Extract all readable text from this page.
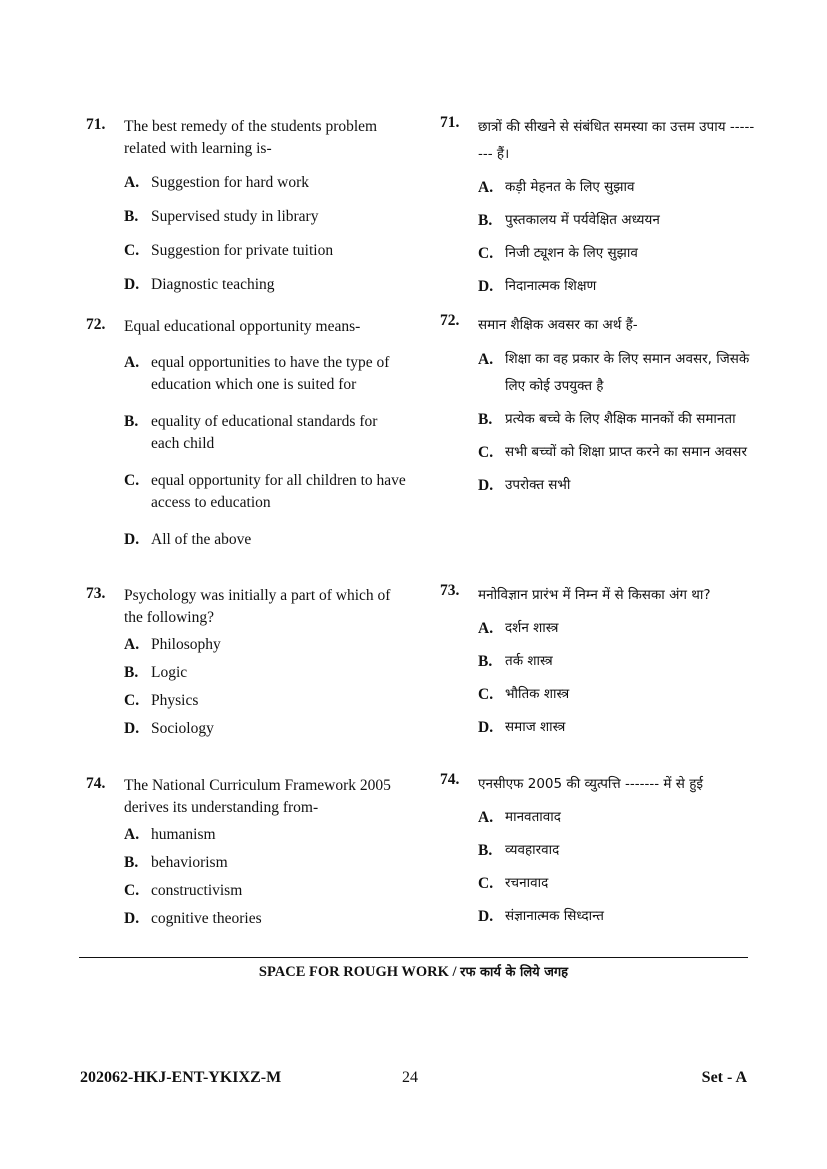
71. The best remedy of the students problem related with learning is-
A. Suggestion for hard work
B. Supervised study in library
C. Suggestion for private tuition
D. Diagnostic teaching
72. Equal educational opportunity means-
A. equal opportunities to have the type of education which one is suited for
B. equality of educational standards for each child
C. equal opportunity for all children to have access to education
D. All of the above
73. Psychology was initially a part of which of the following?
A. Philosophy
B. Logic
C. Physics
D. Sociology
74. The National Curriculum Framework 2005 derives its understanding from-
A. humanism
B. behaviorism
C. constructivism
D. cognitive theories
71. छात्रों की सीखने से संबंधित समस्या का उत्तम उपाय -------- हैं।
A. कड़ी मेहनत के लिए सुझाव
B. पुस्तकालय में पर्यवेक्षित अध्ययन
C. निजी ट्यूशन के लिए सुझाव
D. निदानात्मक शिक्षण
72. समान शैक्षिक अवसर का अर्थ हैं-
A. शिक्षा का वह प्रकार के लिए समान अवसर, जिसके लिए कोई उपयुक्त है
B. प्रत्येक बच्चे के लिए शैक्षिक मानकों की समानता
C. सभी बच्चों को शिक्षा प्राप्त करने का समान अवसर
D. उपरोक्त सभी
73. मनोविज्ञान प्रारंभ में निम्न में से किसका अंग था?
A. दर्शन शास्त्र
B. तर्क शास्त्र
C. भौतिक शास्त्र
D. समाज शास्त्र
74. एनसीएफ 2005 की व्युत्पत्ति ------- में से हुई
A. मानवतावाद
B. व्यवहारवाद
C. रचनावाद
D. संज्ञानात्मक सिध्दान्त
SPACE FOR ROUGH WORK / रफ कार्य के लिये जगह
202062-HKJ-ENT-YKIXZ-M	24	Set - A
